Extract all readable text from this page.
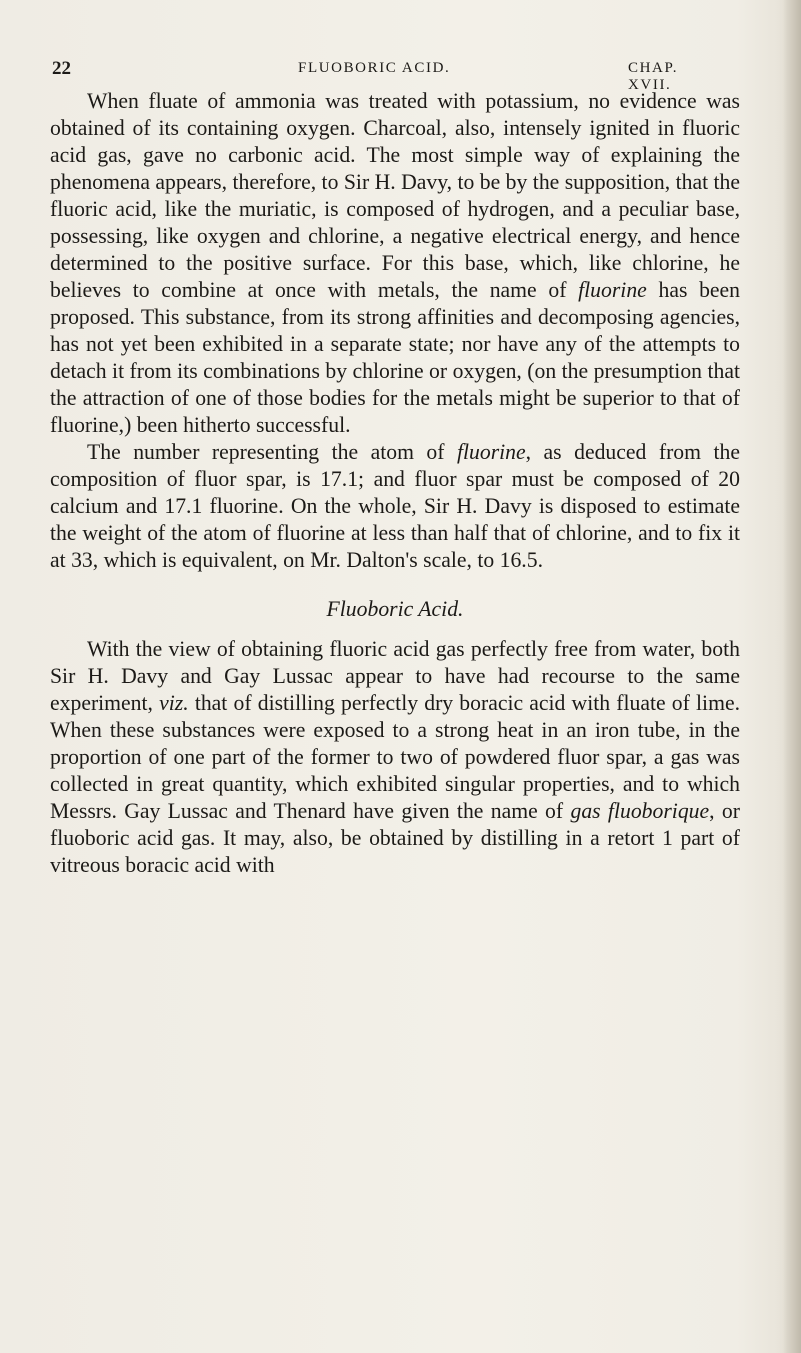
22	FLUOBORIC ACID.	CHAP. XVII.

When fluate of ammonia was treated with potassium, no evidence was obtained of its containing oxygen. Charcoal, also, intensely ignited in fluoric acid gas, gave no carbonic acid. The most simple way of explaining the phenomena appears, therefore, to Sir H. Davy, to be by the supposition, that the fluoric acid, like the muriatic, is composed of hydrogen, and a peculiar base, possessing, like oxygen and chlorine, a negative electrical energy, and hence determined to the positive surface. For this base, which, like chlorine, he believes to combine at once with metals, the name of fluorine has been proposed. This substance, from its strong affinities and decomposing agencies, has not yet been exhibited in a separate state; nor have any of the attempts to detach it from its combinations by chlorine or oxygen, (on the presumption that the attraction of one of those bodies for the metals might be superior to that of fluorine,) been hitherto successful.

The number representing the atom of fluorine, as deduced from the composition of fluor spar, is 17.1; and fluor spar must be composed of 20 calcium and 17.1 fluorine. On the whole, Sir H. Davy is disposed to estimate the weight of the atom of fluorine at less than half that of chlorine, and to fix it at 33, which is equivalent, on Mr. Dalton's scale, to 16.5.

Fluoboric Acid.

With the view of obtaining fluoric acid gas perfectly free from water, both Sir H. Davy and Gay Lussac appear to have had recourse to the same experiment, viz. that of distilling perfectly dry boracic acid with fluate of lime. When these substances were exposed to a strong heat in an iron tube, in the proportion of one part of the former to two of powdered fluor spar, a gas was collected in great quantity, which exhibited singular properties, and to which Messrs. Gay Lussac and Thenard have given the name of gas fluoborique, or fluoboric acid gas. It may, also, be obtained by distilling in a retort 1 part of vitreous boracic acid with
